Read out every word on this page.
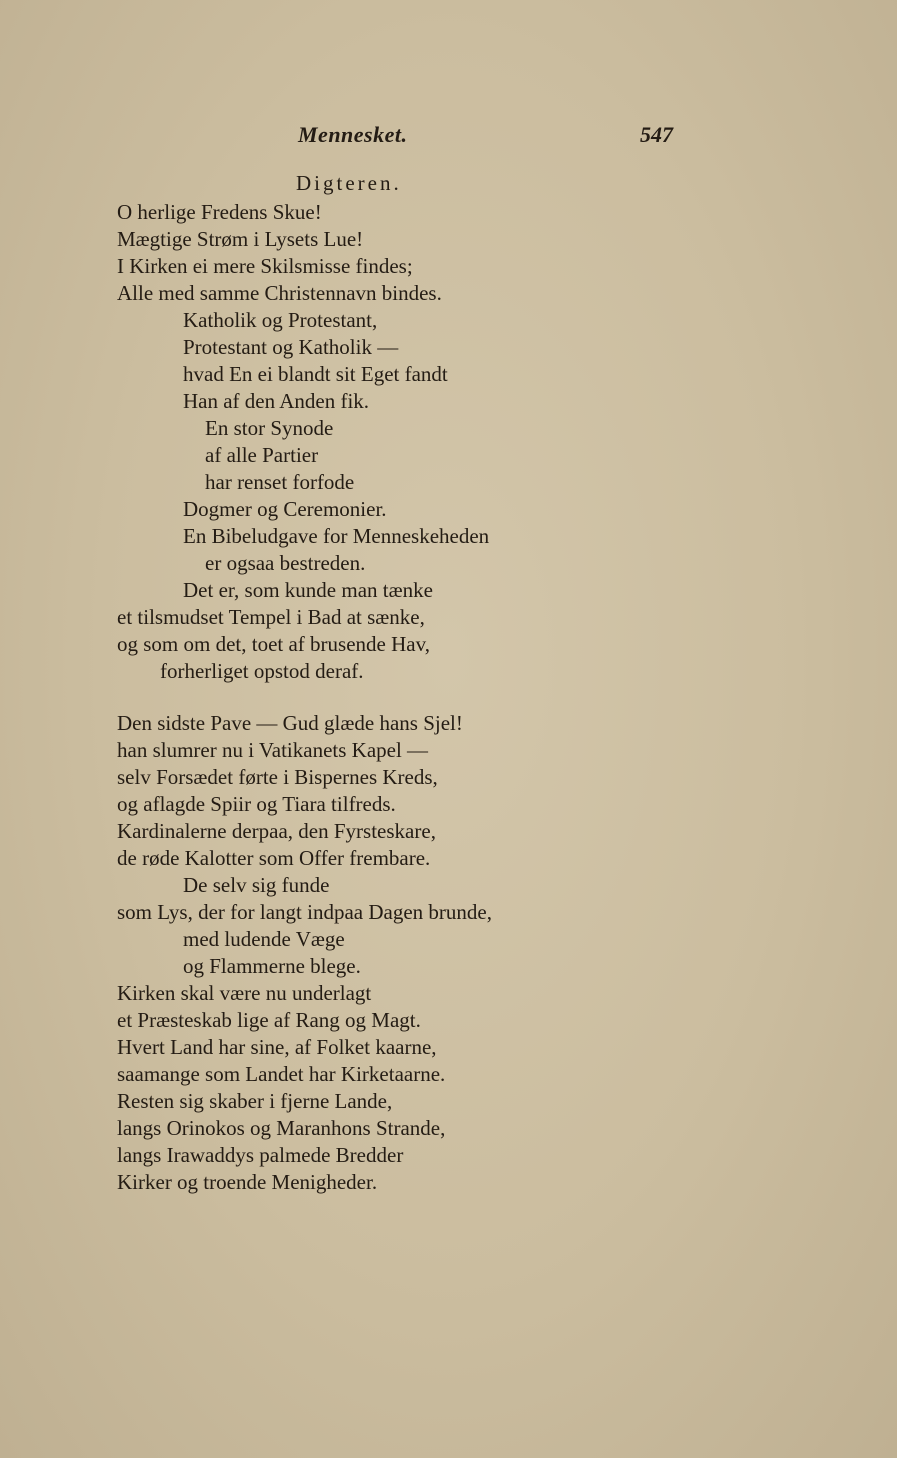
Mennesket.	547
Digteren.
O herlige Fredens Skue!
Mægtige Strøm i Lysets Lue!
I Kirken ei mere Skilsmisse findes;
Alle med samme Christennavn bindes.
Katholik og Protestant,
Protestant og Katholik —
hvad En ei blandt sit Eget fandt
Han af den Anden fik.
En stor Synode
af alle Partier
har renset forfode
Dogmer og Ceremonier.
En Bibeludgave for Menneskeheden
er ogsaa bestreden.
Det er, som kunde man tænke
et tilsmudset Tempel i Bad at sænke,
og som om det, toet af brusende Hav,
forherliget opstod deraf.
Den sidste Pave — Gud glæde hans Sjel!
han slumrer nu i Vatikanets Kapel —
selv Forsædet førte i Bispernes Kreds,
og aflagde Spiir og Tiara tilfreds.
Kardinalerne derpaa, den Fyrsteskare,
de røde Kalotter som Offer frembare.
De selv sig funde
som Lys, der for langt indpaa Dagen brunde,
med ludende Væge
og Flammerne blege.
Kirken skal være nu underlagt
et Præsteskab lige af Rang og Magt.
Hvert Land har sine, af Folket kaarne,
saamange som Landet har Kirketaarne.
Resten sig skaber i fjerne Lande,
langs Orinokos og Maranhons Strande,
langs Irawaddys palmede Bredder
Kirker og troende Menigheder.
